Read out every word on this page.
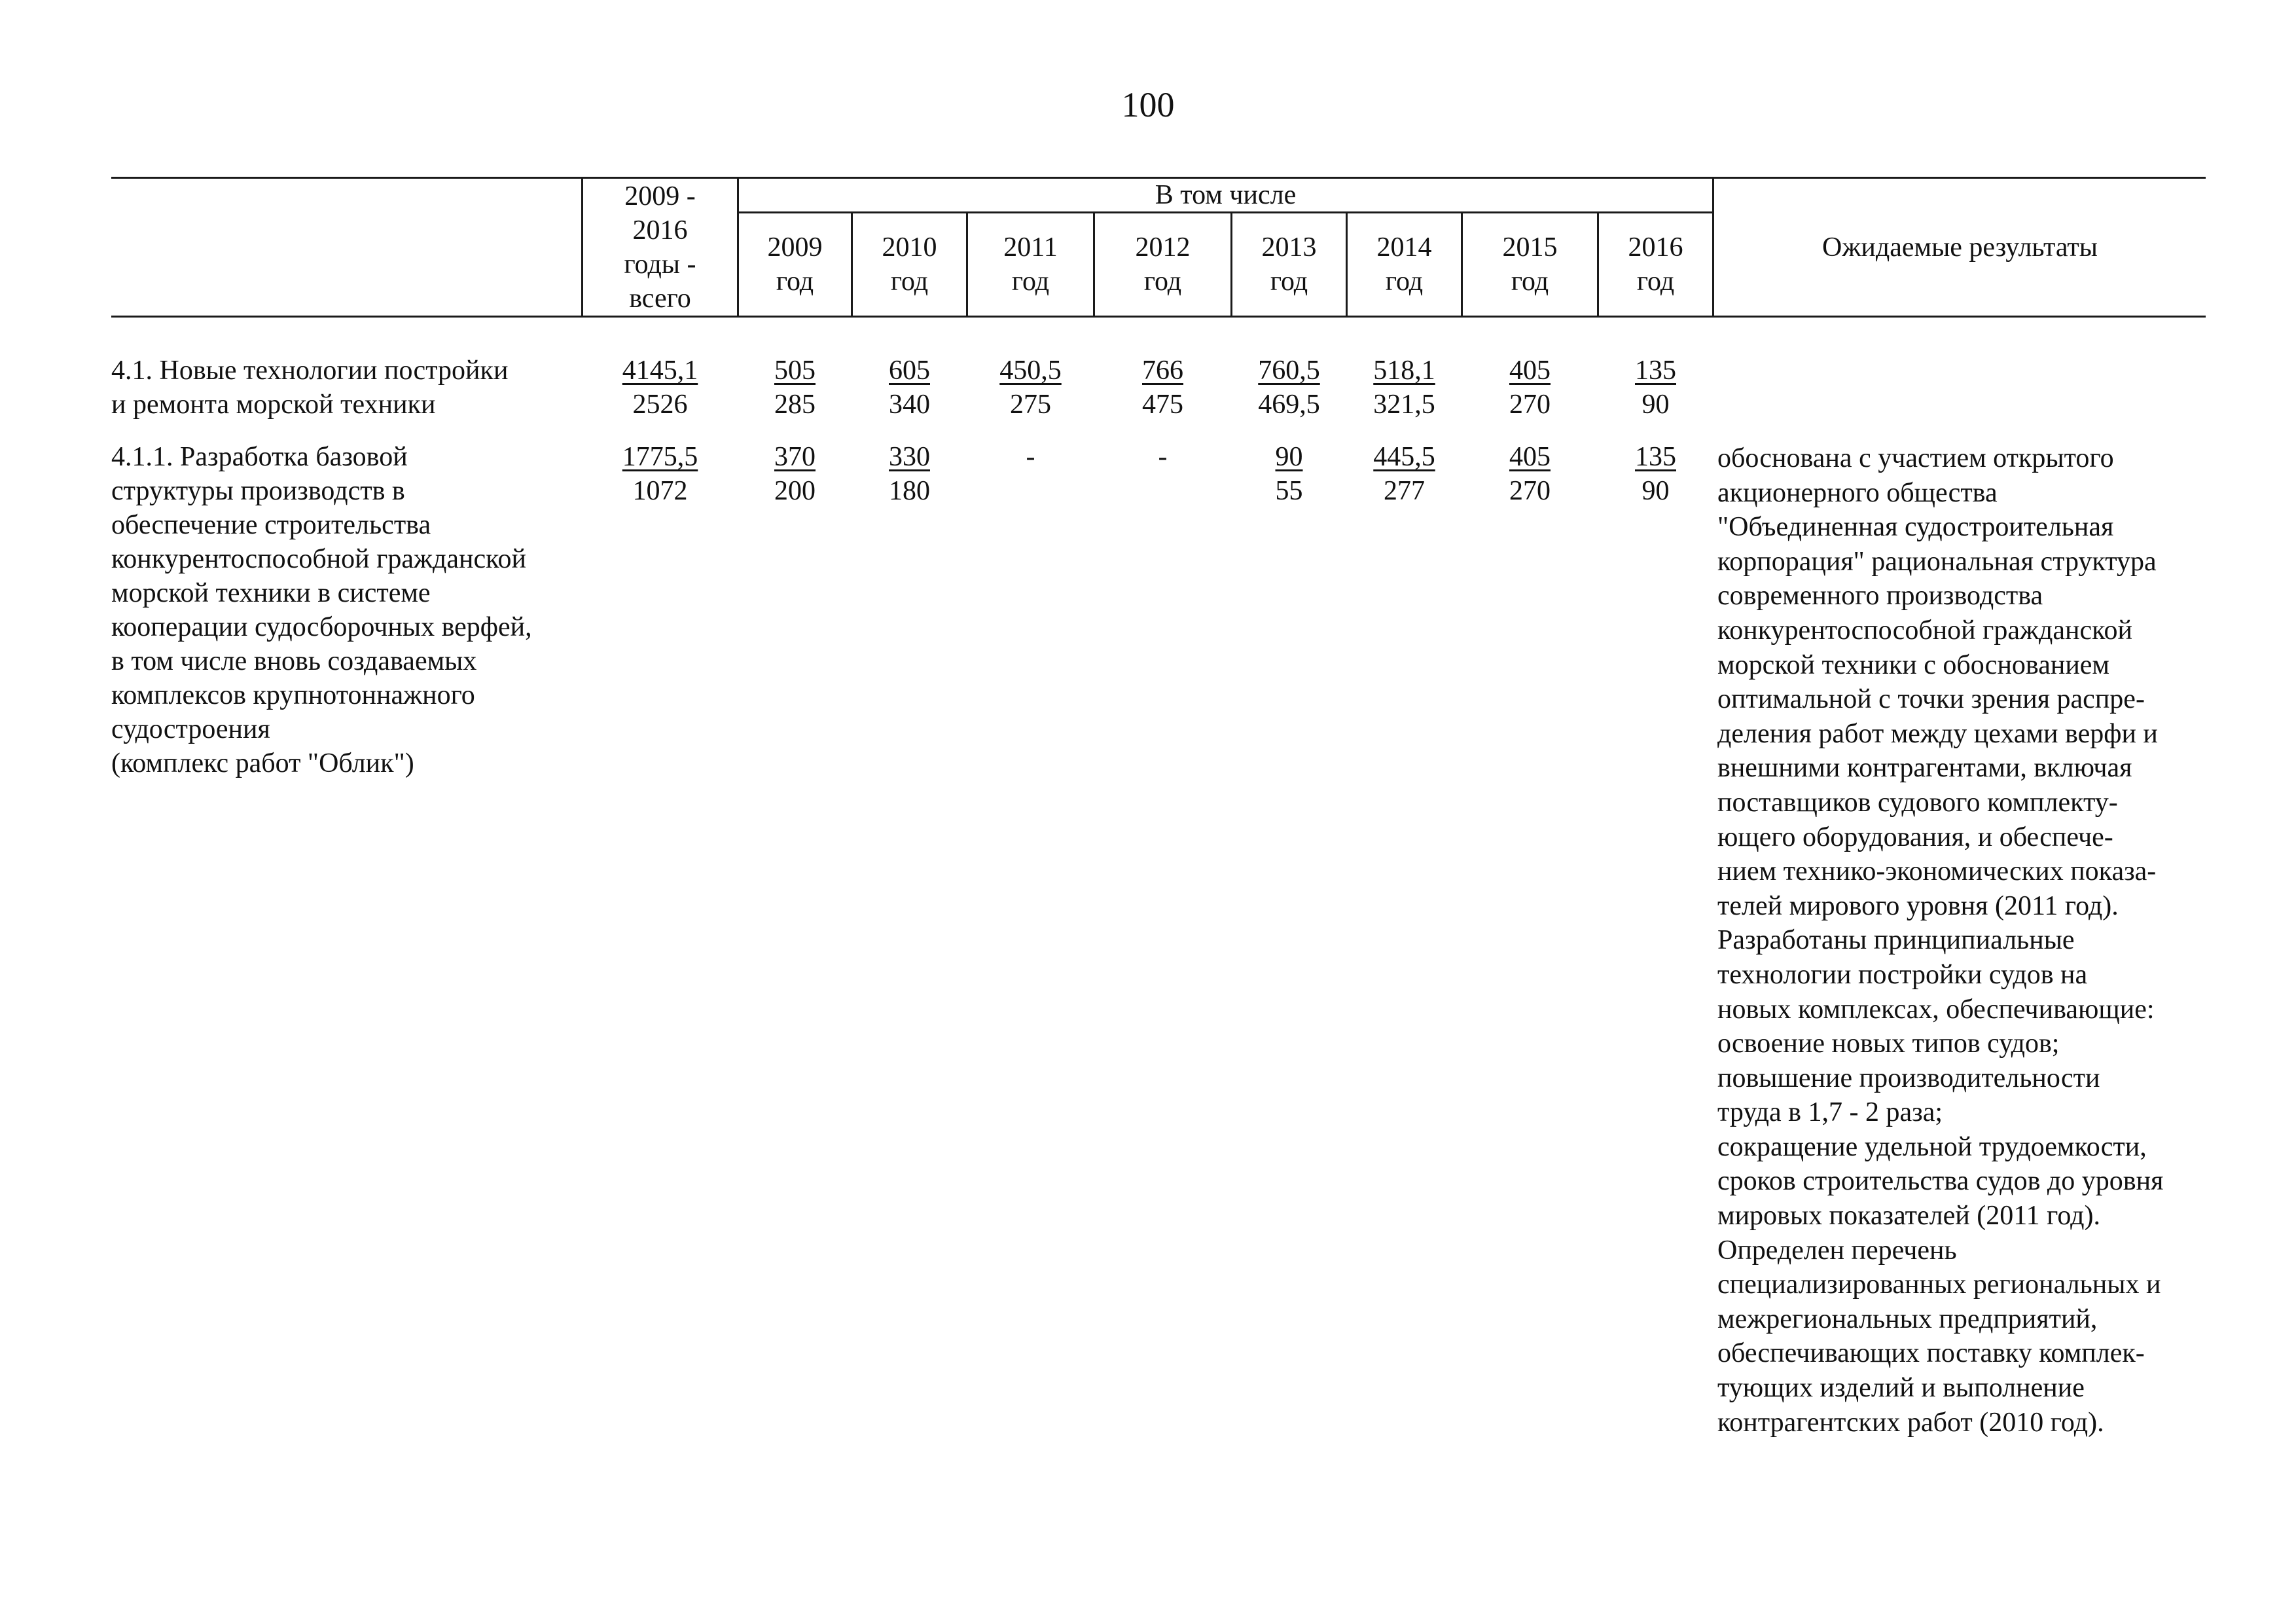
100
2009 -
2016
годы -
всего
В том числе
2009
год
2010
год
2011
год
2012
год
2013
год
2014
год
2015
год
2016
год
Ожидаемые результаты
4.1. Новые технологии постройки
и ремонта морской техники
4145,1
2526
505
285
605
340
450,5
275
766
475
760,5
469,5
518,1
321,5
405
270
135
90
4.1.1. Разработка базовой
структуры производств в
обеспечение строительства
конкурентоспособной гражданской
морской техники в системе
кооперации судосборочных верфей,
в том числе вновь создаваемых
комплексов крупнотоннажного
судостроения
(комплекс работ "Облик")
1775,5
1072
370
200
330
180
-
	-
	90
55
445,5
277
405
270
135
90
обоснована с участием открытого
акционерного общества
"Объединенная судостроительная
корпорация" рациональная структура
современного производства
конкурентоспособной гражданской
морской техники с обоснованием
оптимальной с точки зрения распре-
деления работ между цехами верфи и
внешними контрагентами, включая
поставщиков судового комплекту-
ющего оборудования, и обеспече-
нием технико-экономических показа-
телей мирового уровня (2011 год).
Разработаны принципиальные
технологии постройки судов на
новых комплексах, обеспечивающие:
освоение новых типов судов;
повышение производительности
труда в 1,7 - 2 раза;
сокращение удельной трудоемкости,
сроков строительства судов до уровня
мировых показателей (2011 год).
Определен перечень
специализированных региональных и
межрегиональных предприятий,
обеспечивающих поставку комплек-
тующих изделий и выполнение
контрагентских работ (2010 год).
